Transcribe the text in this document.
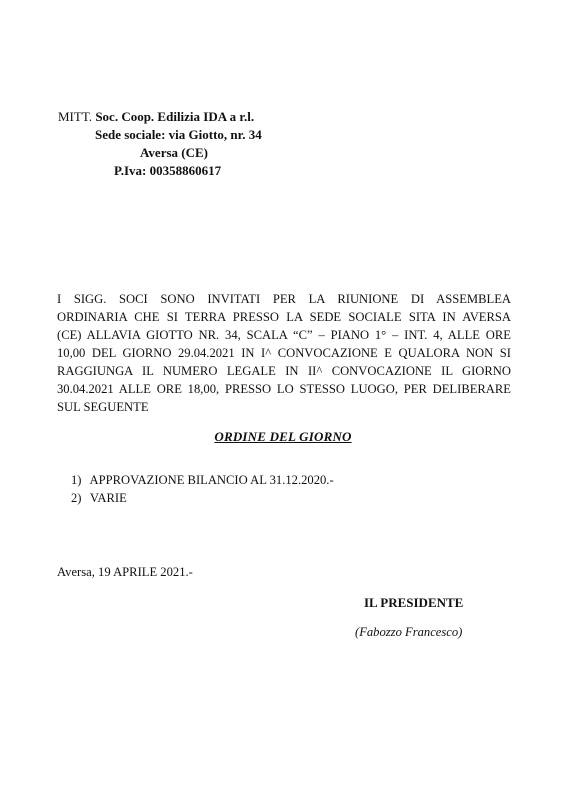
MITT. Soc. Coop. Edilizia IDA a r.l.
Sede sociale: via Giotto, nr. 34
Aversa (CE)
P.Iva: 00358860617
I SIGG. SOCI SONO INVITATI PER LA RIUNIONE DI ASSEMBLEA
ORDINARIA CHE SI TERRA PRESSO LA SEDE SOCIALE SITA IN AVERSA
(CE) ALLAVIA GIOTTO NR. 34, SCALA “C” – PIANO 1° – INT. 4, ALLE ORE
10,00 DEL GIORNO 29.04.2021 IN I^ CONVOCAZIONE E QUALORA NON SI
RAGGIUNGA IL NUMERO LEGALE IN II^ CONVOCAZIONE IL GIORNO
30.04.2021 ALLE ORE 18,00, PRESSO LO STESSO LUOGO, PER DELIBERARE
SUL SEGUENTE
ORDINE DEL GIORNO
1) APPROVAZIONE BILANCIO AL 31.12.2020.-
2) VARIE
Aversa, 19 APRILE 2021.-
IL PRESIDENTE
(Fabozzo Francesco)
